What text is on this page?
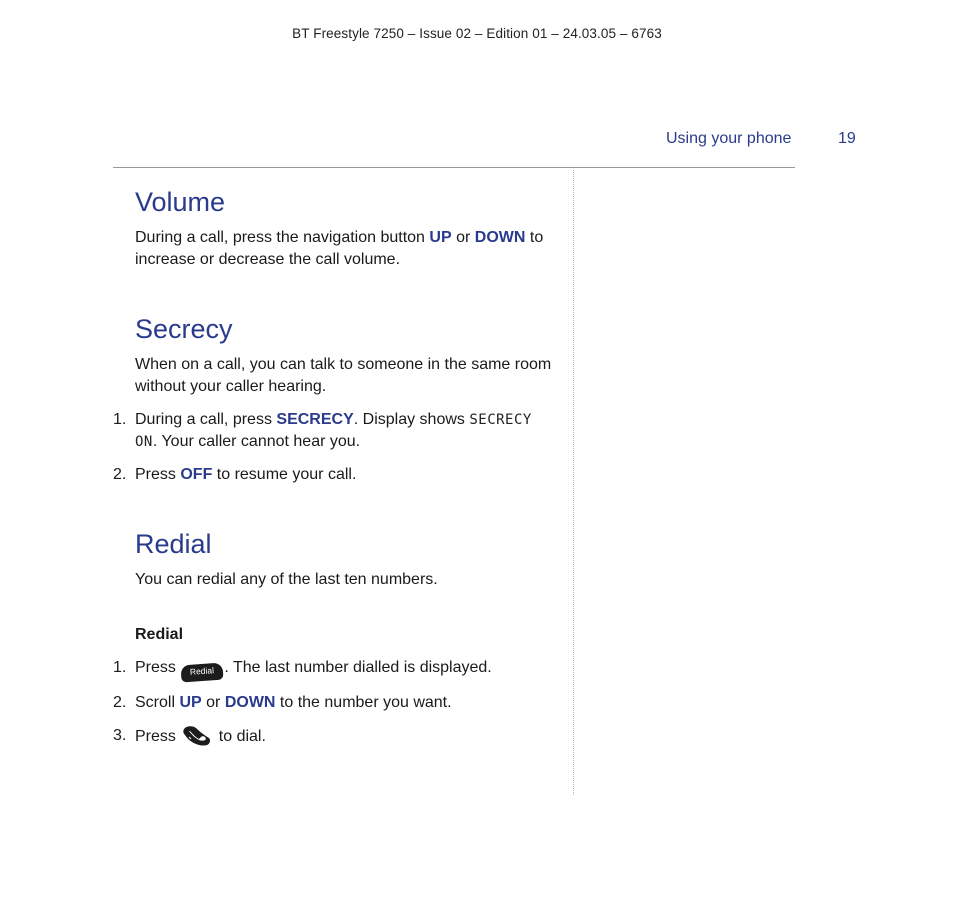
BT Freestyle 7250 – Issue 02 – Edition 01 – 24.03.05 – 6763
Using your phone	19
Volume

During a call, press the navigation button UP or DOWN to increase or decrease the call volume.

Secrecy

When on a call, you can talk to someone in the same room without your caller hearing.

1. During a call, press SECRECY. Display shows SECRECY ON. Your caller cannot hear you.
2. Press OFF to resume your call.
Redial

You can redial any of the last ten numbers.

Redial

1. Press Redial . The last number dialled is displayed.
2. Scroll UP or DOWN to the number you want.
3. Press  to dial.
